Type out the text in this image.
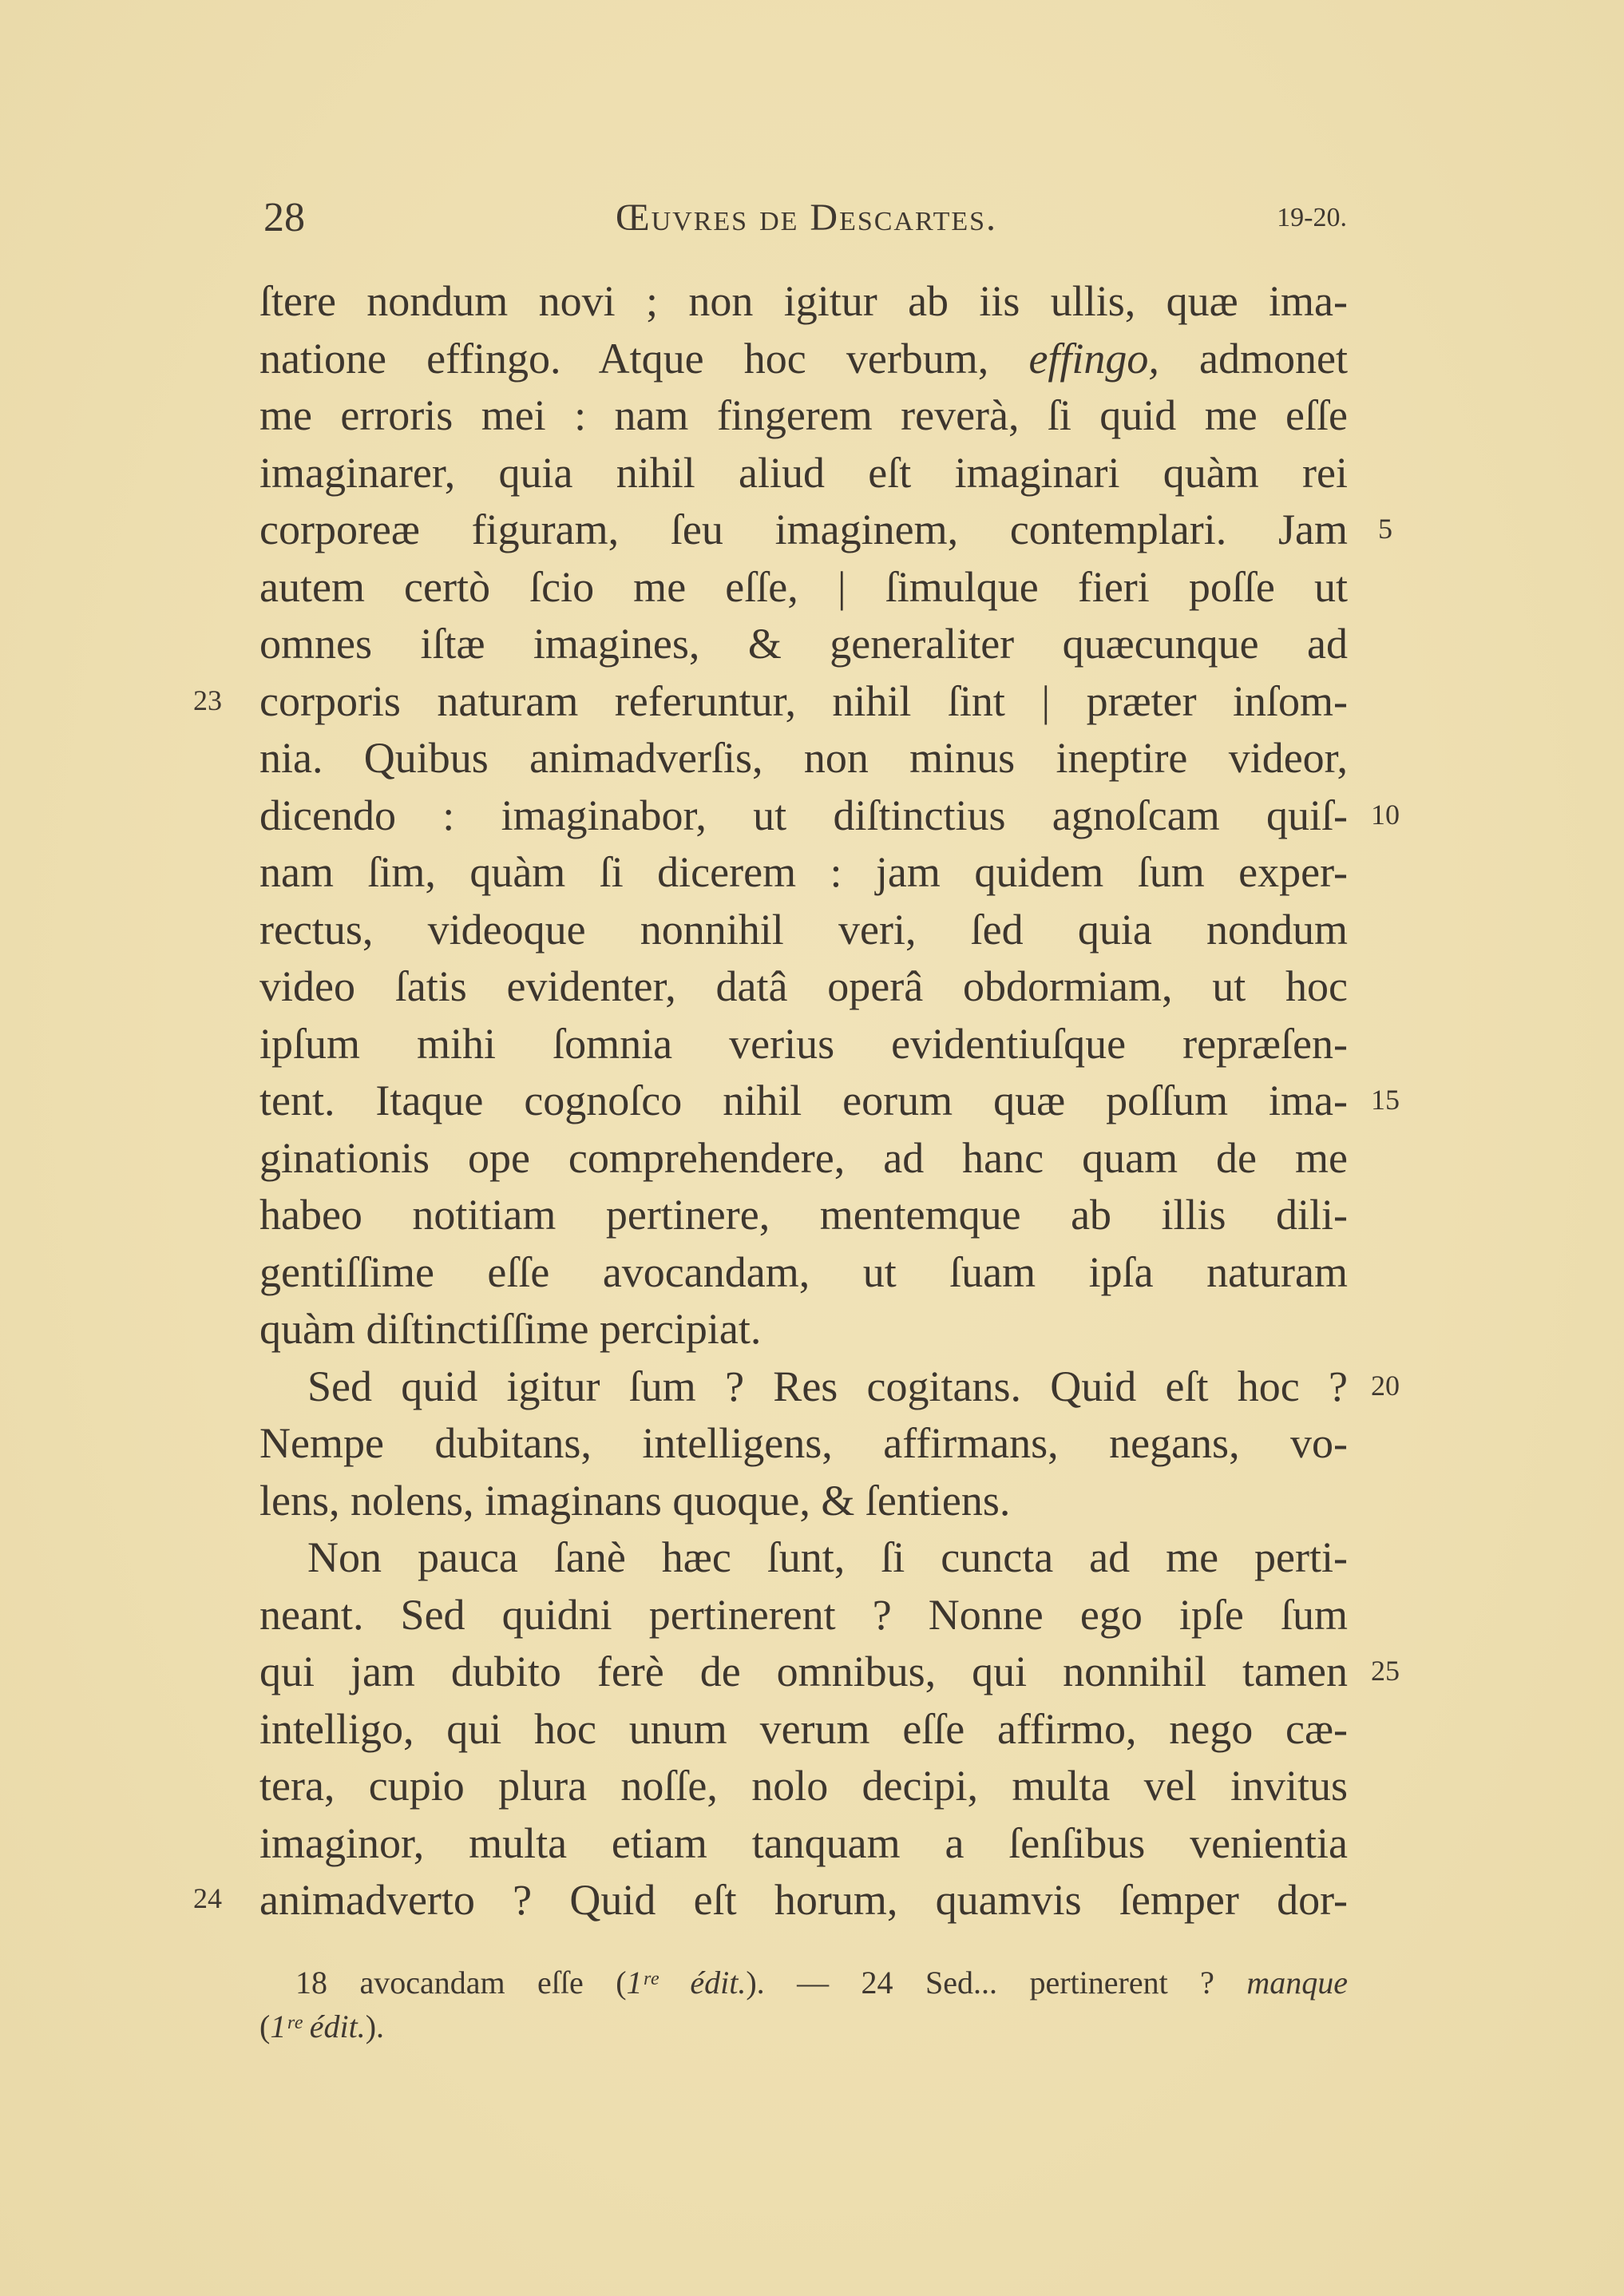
28	Œuvres de Descartes.	19-20.
ſtere nondum novi ; non igitur ab iis ullis, quæ ima-
natione effingo. Atque hoc verbum, effingo, admonet
me erroris mei : nam fingerem reverà, ſi quid me eſſe
imaginarer, quia nihil aliud eſt imaginari quàm rei
corporeæ figuram, ſeu imaginem, contemplari. Jam
autem certò ſcio me eſſe, | ſimulque fieri poſſe ut
omnes iſtæ imagines, & generaliter quæcunque ad
corporis naturam referuntur, nihil ſint | præter inſom-
nia. Quibus animadverſis, non minus ineptire videor,
dicendo : imaginabor, ut diſtinctius agnoſcam quiſ-
nam ſim, quàm ſi dicerem : jam quidem ſum exper-
rectus, videoque nonnihil veri, ſed quia nondum
video ſatis evidenter, datâ operâ obdormiam, ut hoc
ipſum mihi ſomnia verius evidentiuſque repræſen-
tent. Itaque cognoſco nihil eorum quæ poſſum ima-
ginationis ope comprehendere, ad hanc quam de me
habeo notitiam pertinere, mentemque ab illis dili-
gentiſſime eſſe avocandam, ut ſuam ipſa naturam
quàm diſtinctiſſime percipiat.
Sed quid igitur ſum ? Res cogitans. Quid eſt hoc ?
Nempe dubitans, intelligens, affirmans, negans, vo-
lens, nolens, imaginans quoque, & ſentiens.
Non pauca ſanè hæc ſunt, ſi cuncta ad me perti-
neant. Sed quidni pertinerent ? Nonne ego ipſe ſum
qui jam dubito ferè de omnibus, qui nonnihil tamen
intelligo, qui hoc unum verum eſſe affirmo, nego cæ-
tera, cupio plura noſſe, nolo decipi, multa vel invitus
imaginor, multa etiam tanquam a ſenſibus venientia
animadverto ? Quid eſt horum, quamvis ſemper dor-
5
10
15
20
25
23
24
18 avocandam eſſe (1ʳᵉ édit.). — 24 Sed... pertinerent ? manque
(1ʳᵉ édit.).
